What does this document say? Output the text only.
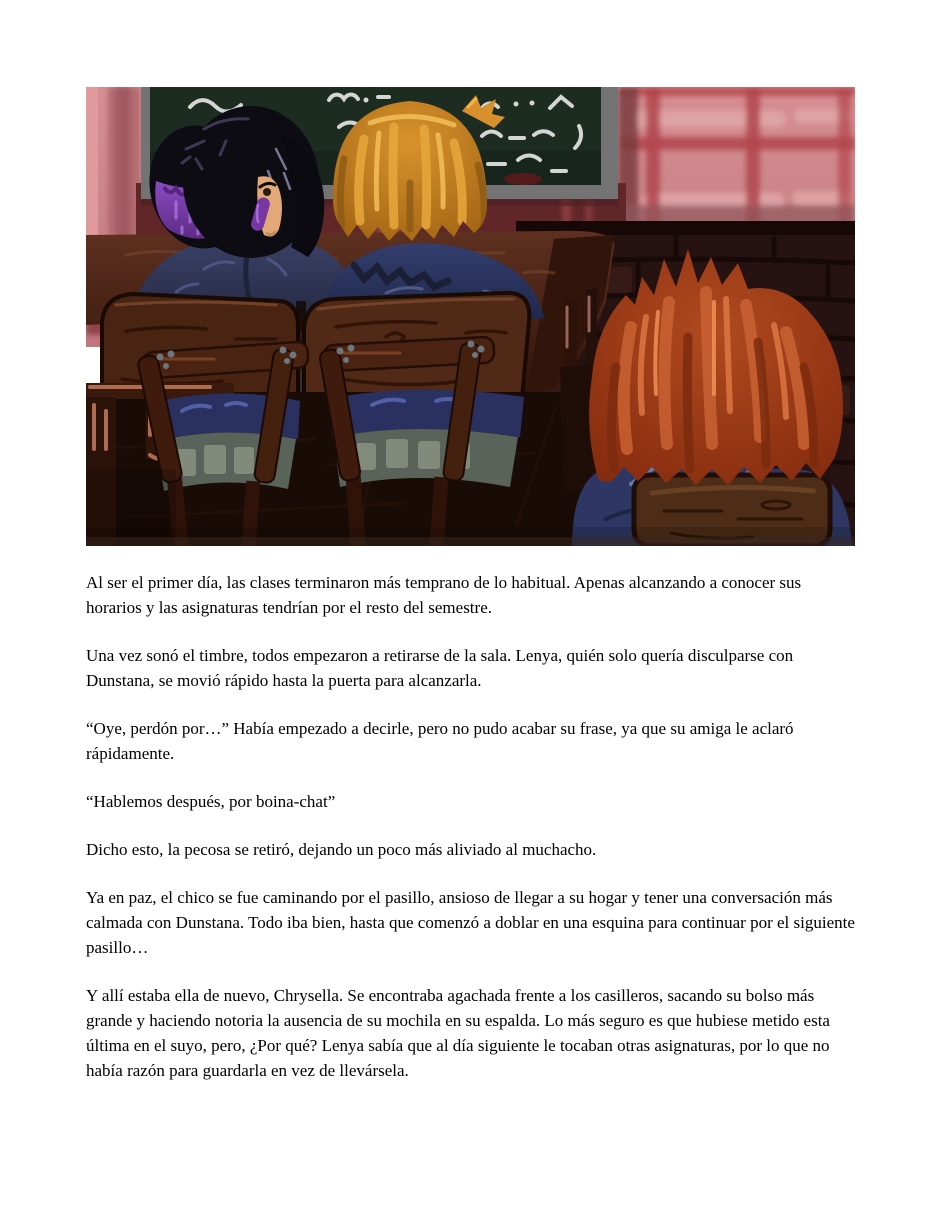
Al ser el primer día, las clases terminaron más temprano de lo habitual. Apenas alcanzando a conocer sus horarios y las asignaturas tendrían por el resto del semestre.

Una vez sonó el timbre, todos empezaron a retirarse de la sala. Lenya, quién solo quería disculparse con Dunstana, se movió rápido hasta la puerta para alcanzarla.

“Oye, perdón por…” Había empezado a decirle, pero no pudo acabar su frase, ya que su amiga le aclaró rápidamente.

“Hablemos después, por boina-chat”

Dicho esto, la pecosa se retiró, dejando un poco más aliviado al muchacho.

Ya en paz, el chico se fue caminando por el pasillo, ansioso de llegar a su hogar y tener una conversación más calmada con Dunstana. Todo iba bien, hasta que comenzó a doblar en una esquina para continuar por el siguiente pasillo…

Y allí estaba ella de nuevo, Chrysella. Se encontraba agachada frente a los casilleros, sacando su bolso más grande y haciendo notoria la ausencia de su mochila en su espalda. Lo más seguro es que hubiese metido esta última en el suyo, pero, ¿Por qué? Lenya sabía que al día siguiente le tocaban otras asignaturas, por lo que no había razón para guardarla en vez de llevársela.
